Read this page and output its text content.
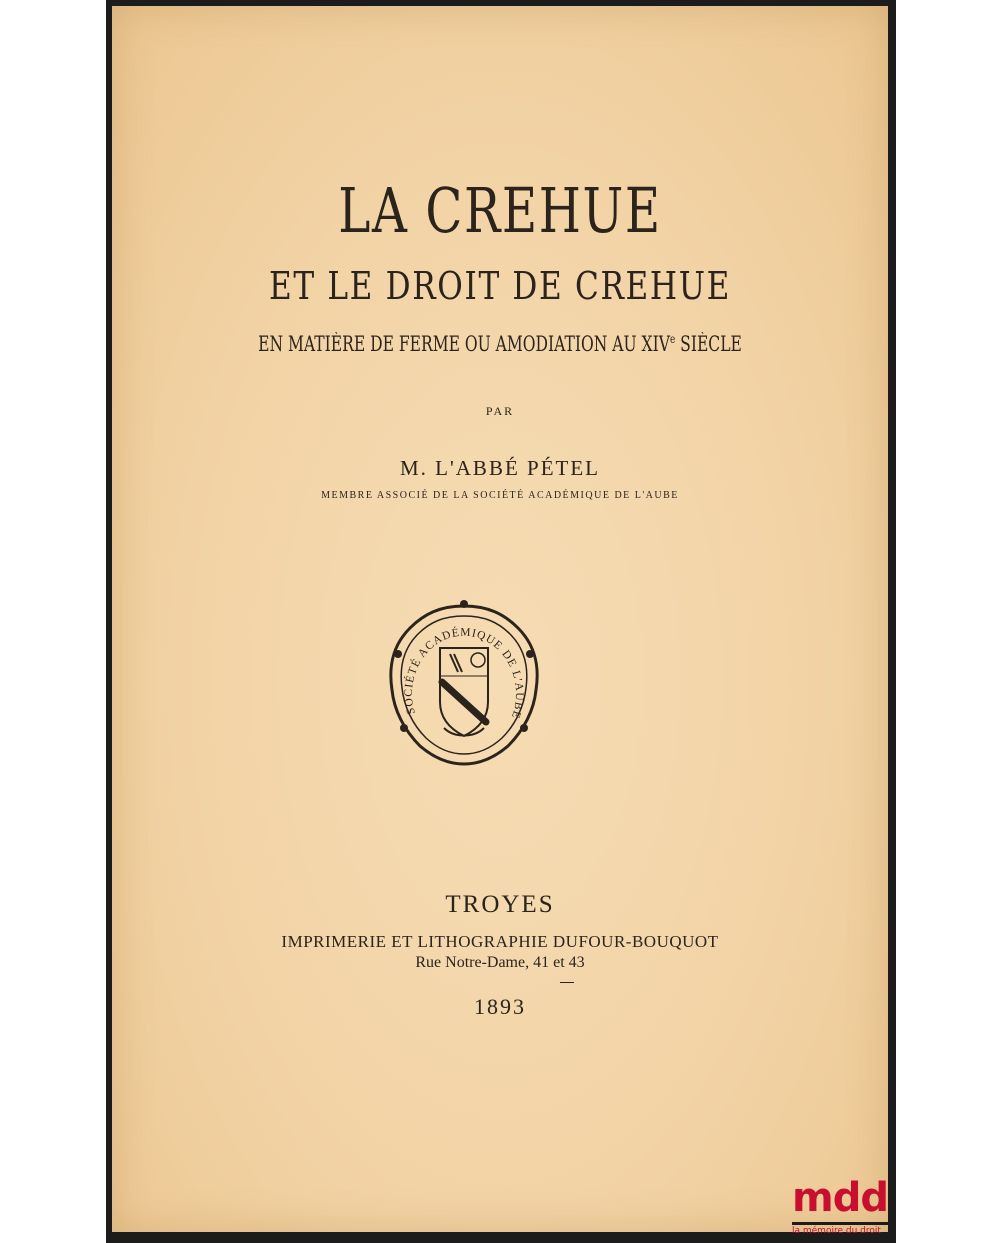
LA CREHUE
ET LE DROIT DE CREHUE
EN MATIÈRE DE FERME OU AMODIATION AU XIVe SIÈCLE
PAR
M. L'ABBÉ PÉTEL
MEMBRE ASSOCIÉ DE LA SOCIÉTÉ ACADÉMIQUE DE L'AUBE
SOCIÉTÉ ACADÉMIQUE DE L'AUBE
TROYES
IMPRIMERIE ET LITHOGRAPHIE DUFOUR-BOUQUOT
Rue Notre-Dame, 41 et 43
1893
mdd
la mémoire du droit
